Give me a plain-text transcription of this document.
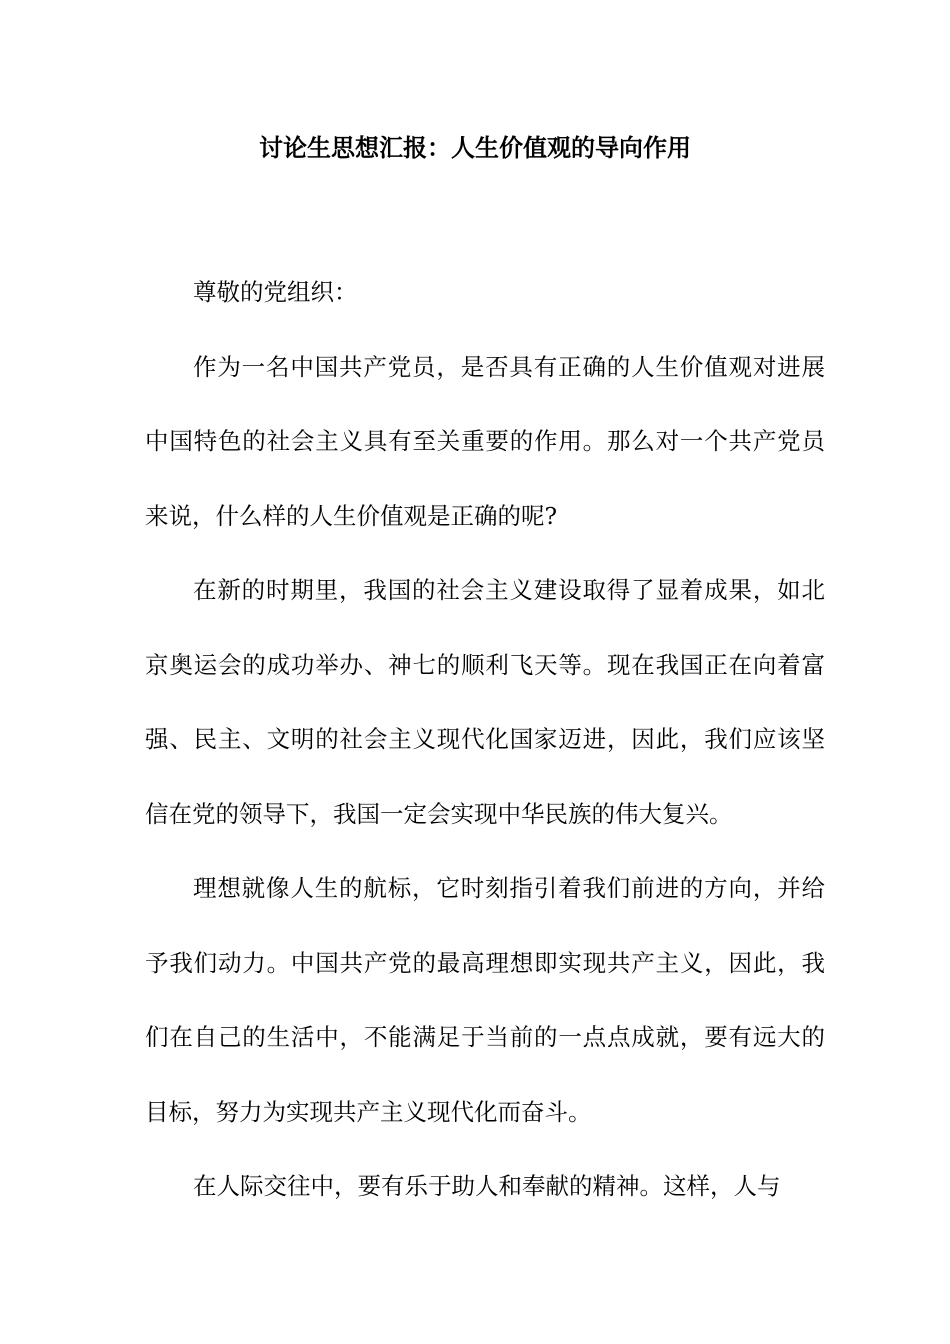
讨论生思想汇报：人生价值观的导向作用

尊敬的党组织：

作为一名中国共产党员，是否具有正确的人生价值观对进展中国特色的社会主义具有至关重要的作用。那么对一个共产党员来说，什么样的人生价值观是正确的呢?

在新的时期里，我国的社会主义建设取得了显着成果，如北京奥运会的成功举办、神七的顺利飞天等。现在我国正在向着富强、民主、文明的社会主义现代化国家迈进，因此，我们应该坚信在党的领导下，我国一定会实现中华民族的伟大复兴。

理想就像人生的航标，它时刻指引着我们前进的方向，并给予我们动力。中国共产党的最高理想即实现共产主义，因此，我们在自己的生活中，不能满足于当前的一点点成就，要有远大的目标，努力为实现共产主义现代化而奋斗。

在人际交往中，要有乐于助人和奉献的精神。这样，人与
